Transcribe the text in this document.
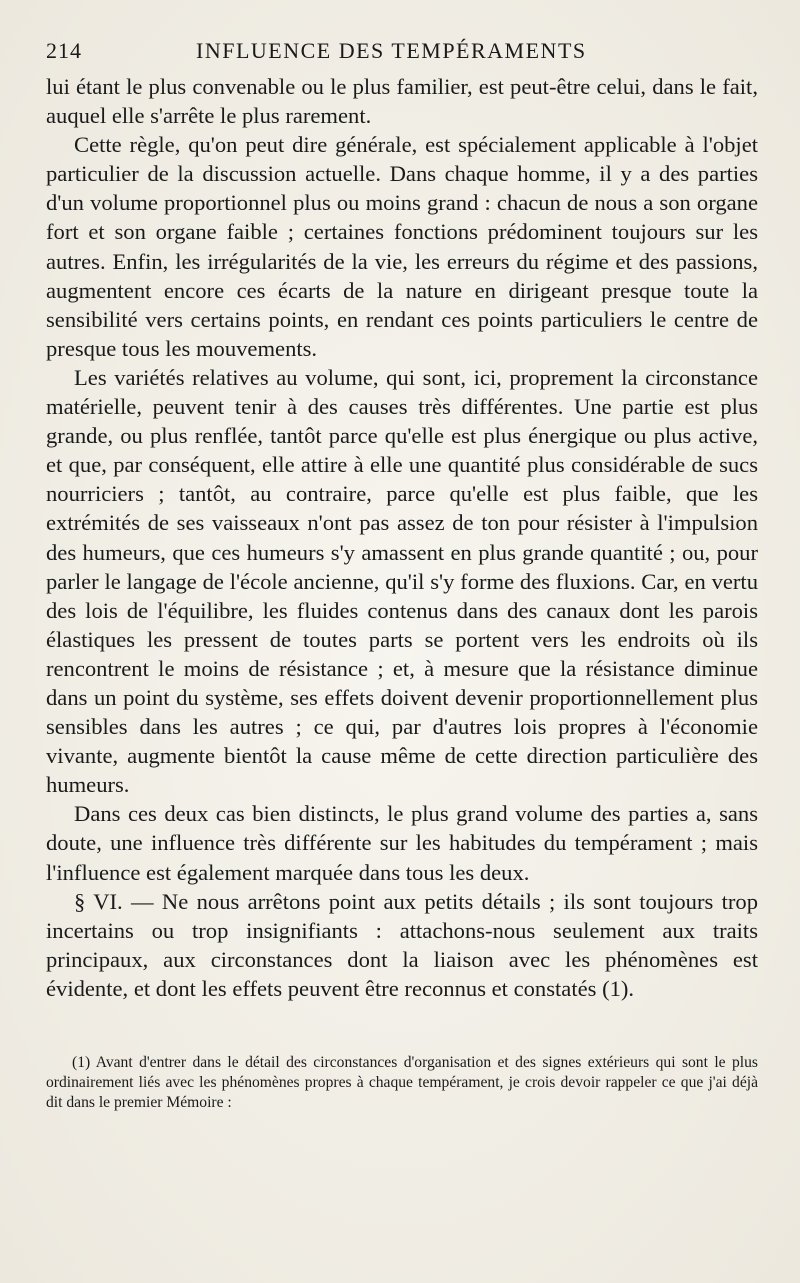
214	INFLUENCE DES TEMPÉRAMENTS

lui étant le plus convenable ou le plus familier, est peut-être celui, dans le fait, auquel elle s'arrête le plus rarement.

Cette règle, qu'on peut dire générale, est spécialement applicable à l'objet particulier de la discussion actuelle. Dans chaque homme, il y a des parties d'un volume proportionnel plus ou moins grand : chacun de nous a son organe fort et son organe faible ; certaines fonctions prédominent toujours sur les autres. Enfin, les irrégularités de la vie, les erreurs du régime et des passions, augmentent encore ces écarts de la nature en dirigeant presque toute la sensibilité vers certains points, en rendant ces points particuliers le centre de presque tous les mouvements.

Les variétés relatives au volume, qui sont, ici, proprement la circonstance matérielle, peuvent tenir à des causes très différentes. Une partie est plus grande, ou plus renflée, tantôt parce qu'elle est plus énergique ou plus active, et que, par conséquent, elle attire à elle une quantité plus considérable de sucs nourriciers ; tantôt, au contraire, parce qu'elle est plus faible, que les extrémités de ses vaisseaux n'ont pas assez de ton pour résister à l'impulsion des humeurs, que ces humeurs s'y amassent en plus grande quantité ; ou, pour parler le langage de l'école ancienne, qu'il s'y forme des fluxions. Car, en vertu des lois de l'équilibre, les fluides contenus dans des canaux dont les parois élastiques les pressent de toutes parts se portent vers les endroits où ils rencontrent le moins de résistance ; et, à mesure que la résistance diminue dans un point du système, ses effets doivent devenir proportionnellement plus sensibles dans les autres ; ce qui, par d'autres lois propres à l'économie vivante, augmente bientôt la cause même de cette direction particulière des humeurs.

Dans ces deux cas bien distincts, le plus grand volume des parties a, sans doute, une influence très différente sur les habitudes du tempérament ; mais l'influence est également marquée dans tous les deux.

§ VI. — Ne nous arrêtons point aux petits détails ; ils sont toujours trop incertains ou trop insignifiants : attachons-nous seulement aux traits principaux, aux circonstances dont la liaison avec les phénomènes est évidente, et dont les effets peuvent être reconnus et constatés (1).

(1) Avant d'entrer dans le détail des circonstances d'organisation et des signes extérieurs qui sont le plus ordinairement liés avec les phénomènes propres à chaque tempérament, je crois devoir rappeler ce que j'ai déjà dit dans le premier Mémoire :
